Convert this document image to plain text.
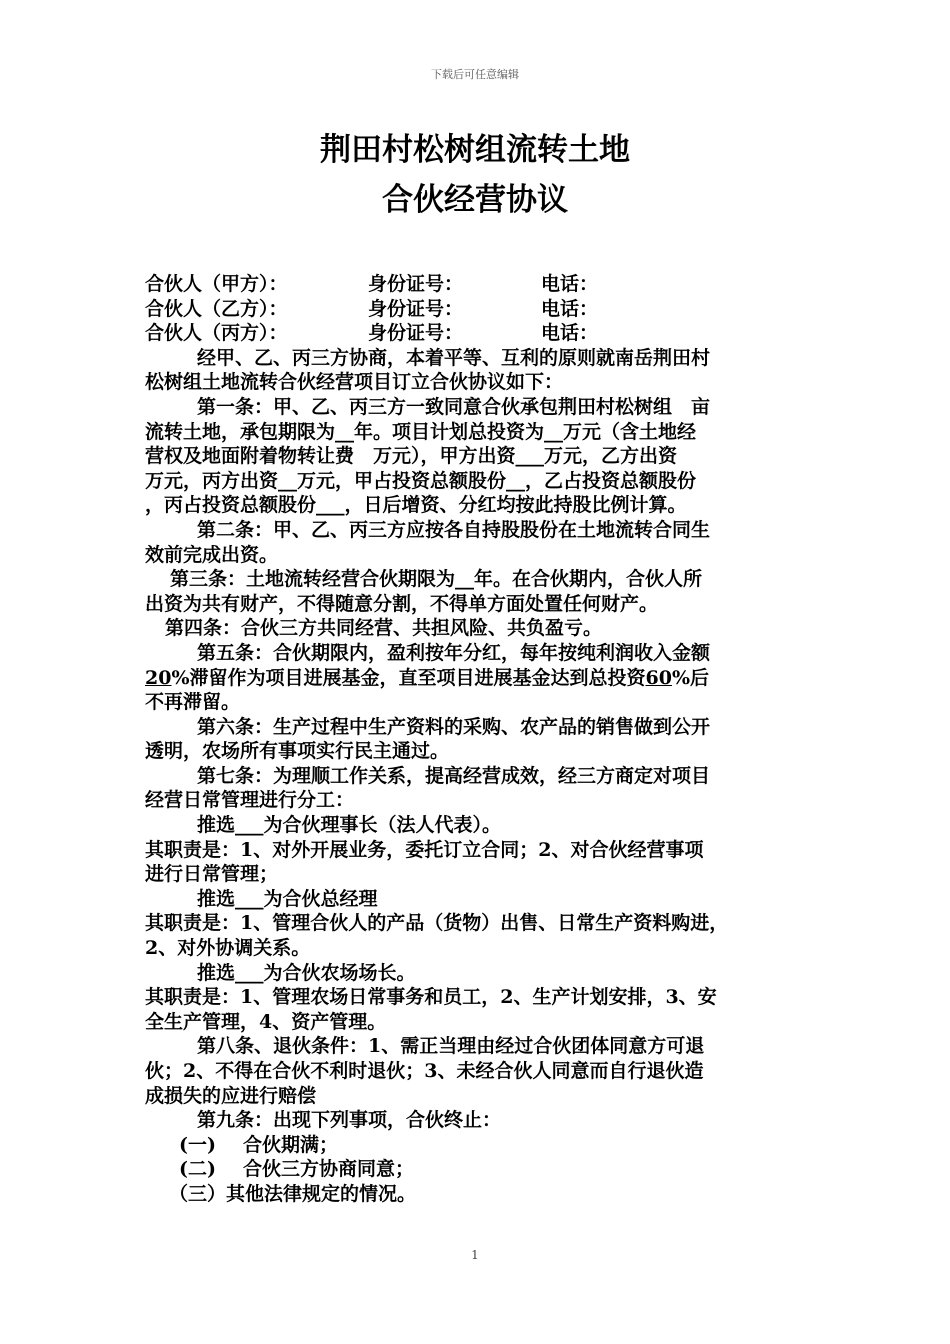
下载后可任意编辑
荆田村松树组流转土地
合伙经营协议
合伙人（甲方）：	身份证号：	电话：
合伙人（乙方）：	身份证号：	电话：
合伙人（丙方）：	身份证号：	电话：
经甲、乙、丙三方协商，本着平等、互利的原则就南岳荆田村
松树组土地流转合伙经营项目订立合伙协议如下：
第一条：甲、乙、丙三方一致同意合伙承包荆田村松树组　亩
流转土地，承包期限为__年。项目计划总投资为__万元（含土地经
营权及地面附着物转让费　万元），甲方出资___万元，乙方出资
万元，丙方出资__万元，甲占投资总额股份__，乙占投资总额股份
，丙占投资总额股份___，日后增资、分红均按此持股比例计算。
第二条：甲、乙、丙三方应按各自持股股份在土地流转合同生
效前完成出资。
第三条：土地流转经营合伙期限为__年。在合伙期内，合伙人所
出资为共有财产，不得随意分割，不得单方面处置任何财产。
第四条：合伙三方共同经营、共担风险、共负盈亏。
第五条：合伙期限内，盈利按年分红，每年按纯利润收入金额
20%滞留作为项目进展基金，直至项目进展基金达到总投资60%后
不再滞留。
第六条：生产过程中生产资料的采购、农产品的销售做到公开
透明，农场所有事项实行民主通过。
第七条：为理顺工作关系，提高经营成效，经三方商定对项目
经营日常管理进行分工：
推选___为合伙理事长（法人代表）。
其职责是：1、对外开展业务，委托订立合同；2、对合伙经营事项
进行日常管理；
推选___为合伙总经理
其职责是：1、管理合伙人的产品（货物）出售、日常生产资料购进，
2、对外协调关系。
推选___为合伙农场场长。
其职责是：1、管理农场日常事务和员工，2、生产计划安排，3、安
全生产管理，4、资产管理。
第八条、退伙条件：1、需正当理由经过合伙团体同意方可退
伙；2、不得在合伙不利时退伙；3、未经合伙人同意而自行退伙造
成损失的应进行赔偿
第九条：出现下列事项，合伙终止：
(一) 合伙期满；
(二) 合伙三方协商同意；
（三）其他法律规定的情况。
1
